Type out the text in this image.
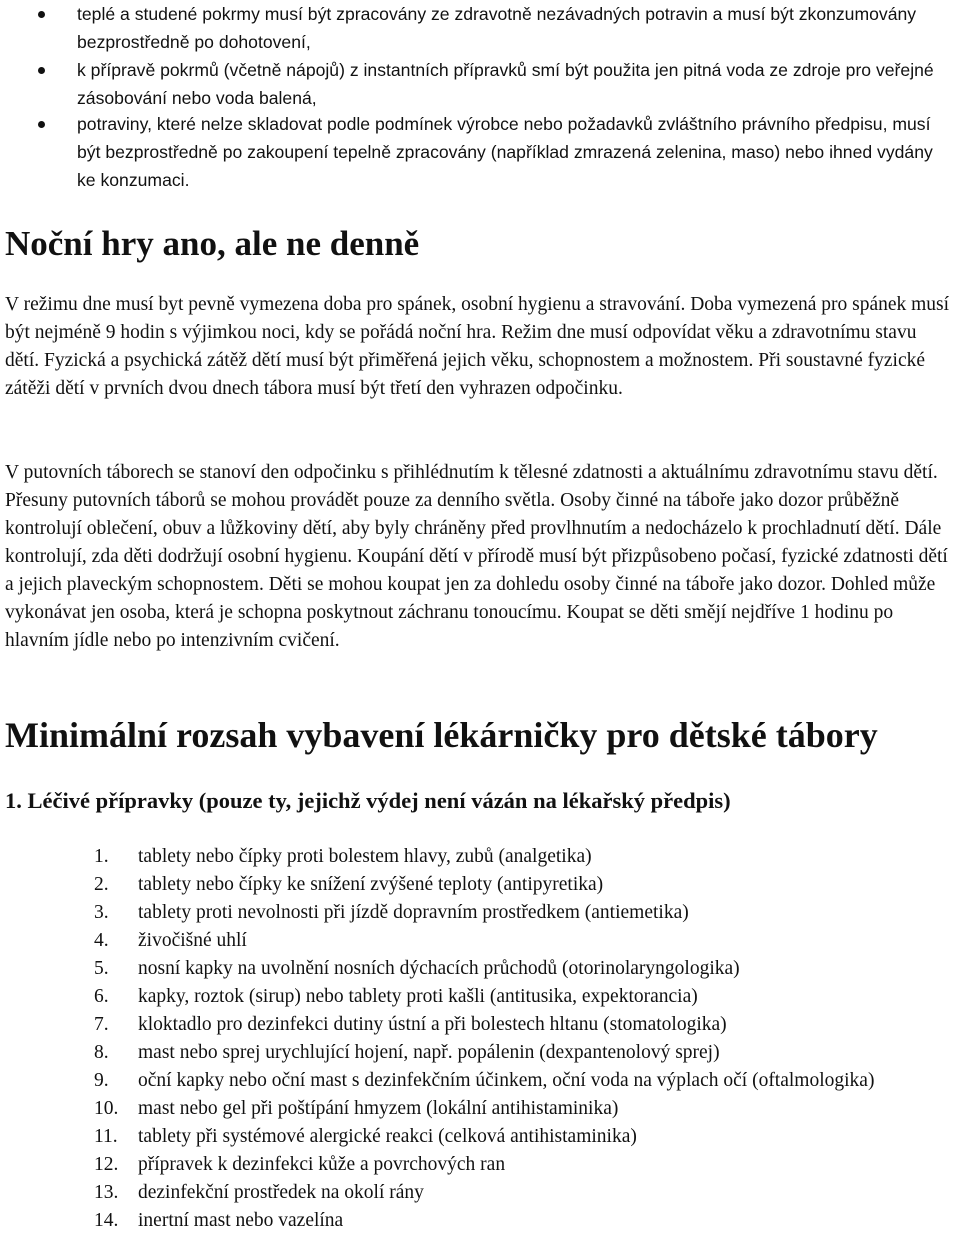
teplé a studené pokrmy musí být zpracovány ze zdravotně nezávadných potravin a musí být zkonzumovány bezprostředně po dohotovení,
k přípravě pokrmů (včetně nápojů) z instantních přípravků smí být použita jen pitná voda ze zdroje pro veřejné zásobování nebo voda balená,
potraviny, které nelze skladovat podle podmínek výrobce nebo požadavků zvláštního právního předpisu, musí být bezprostředně po zakoupení tepelně zpracovány (například zmrazená zelenina, maso) nebo ihned vydány ke konzumaci.
Noční hry ano, ale ne denně

V režimu dne musí byt pevně vymezena doba pro spánek, osobní hygienu a stravování. Doba vymezená pro spánek musí být nejméně 9 hodin s výjimkou noci, kdy se pořádá noční hra. Režim dne musí odpovídat věku a zdravotnímu stavu dětí. Fyzická a psychická zátěž dětí musí být přiměřená jejich věku, schopnostem a možnostem. Při soustavné fyzické zátěži dětí v prvních dvou dnech tábora musí být třetí den vyhrazen odpočinku.

V putovních táborech se stanoví den odpočinku s přihlédnutím k tělesné zdatnosti a aktuálnímu zdravotnímu stavu dětí. Přesuny putovních táborů se mohou provádět pouze za denního světla. Osoby činné na táboře jako dozor průběžně kontrolují oblečení, obuv a lůžkoviny dětí, aby byly chráněny před provlhnutím a nedocházelo k prochladnutí dětí. Dále kontrolují, zda děti dodržují osobní hygienu. Koupání dětí v přírodě musí být přizpůsobeno počasí, fyzické zdatnosti dětí a jejich plaveckým schopnostem. Děti se mohou koupat jen za dohledu osoby činné na táboře jako dozor. Dohled může vykonávat jen osoba, která je schopna poskytnout záchranu tonoucímu. Koupat se děti smějí nejdříve 1 hodinu po hlavním jídle nebo po intenzivním cvičení.

Minimální rozsah vybavení lékárničky pro dětské tábory
1. Léčivé přípravky (pouze ty, jejichž výdej není vázán na lékařský předpis)
1.	tablety nebo čípky proti bolestem hlavy, zubů (analgetika)
2.	tablety nebo čípky ke snížení zvýšené teploty (antipyretika)
3.	tablety proti nevolnosti při jízdě dopravním prostředkem (antiemetika)
4.	živočišné uhlí
5.	nosní kapky na uvolnění nosních dýchacích průchodů (otorinolaryngologika)
6.	kapky, roztok (sirup) nebo tablety proti kašli (antitusika, expektorancia)
7.	kloktadlo pro dezinfekci dutiny ústní a při bolestech hltanu (stomatologika)
8.	mast nebo sprej urychlující hojení, např. popálenin (dexpantenolový sprej)
9.	oční kapky nebo oční mast s dezinfekčním účinkem, oční voda na výplach očí (oftalmologika)
10.	mast nebo gel při poštípání hmyzem (lokální antihistaminika)
11.	tablety při systémové alergické reakci (celková antihistaminika)
12.	přípravek k dezinfekci kůže a povrchových ran
13.	dezinfekční prostředek na okolí rány
14.	inertní mast nebo vazelína
